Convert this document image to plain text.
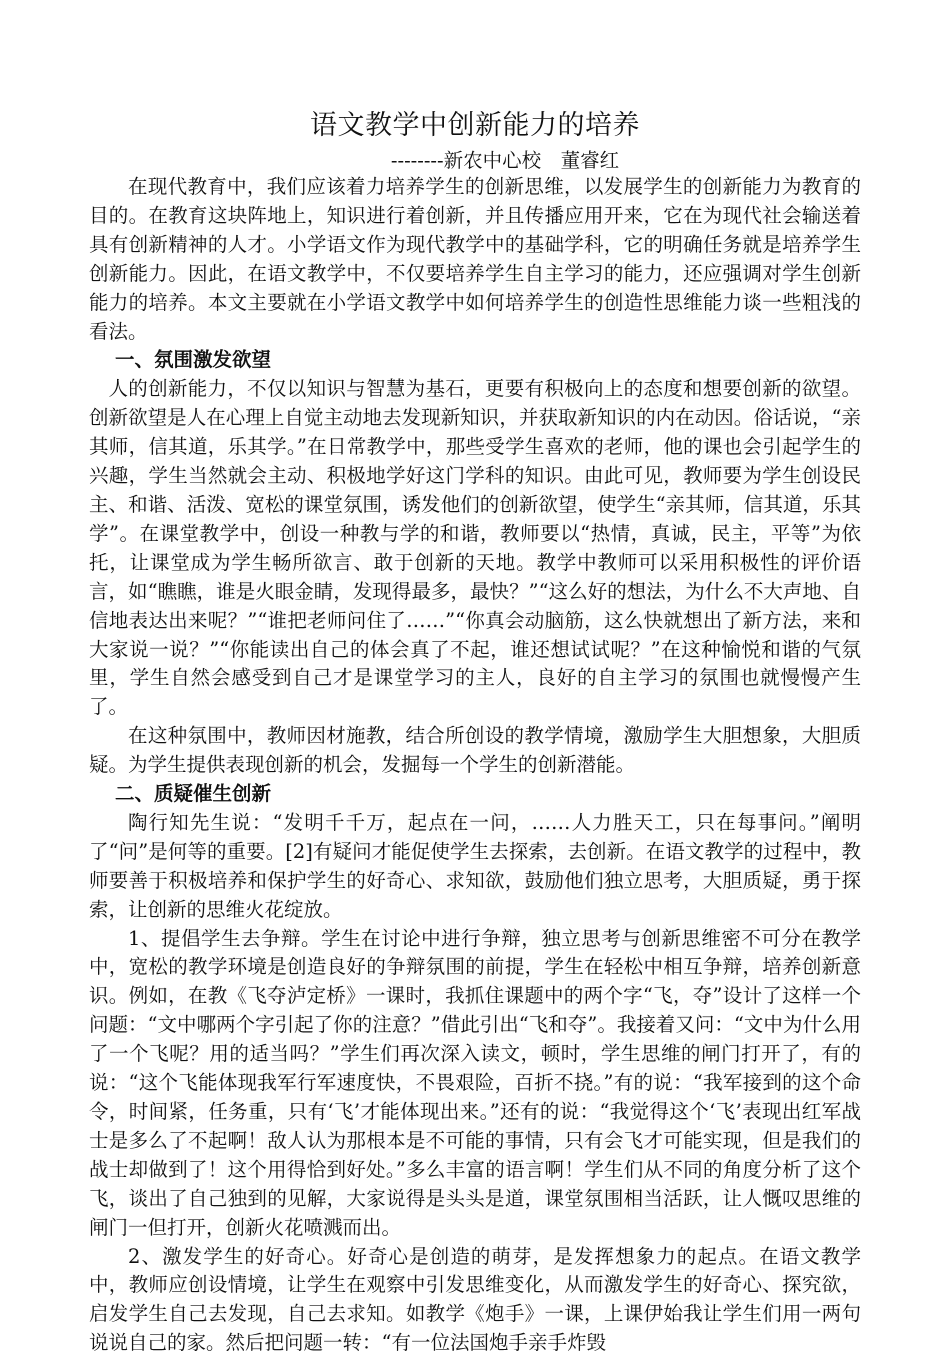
语文教学中创新能力的培养
--------新农中心校　董睿红

在现代教育中，我们应该着力培养学生的创新思维，以发展学生的创新能力为教育的目的。在教育这块阵地上，知识进行着创新，并且传播应用开来，它在为现代社会输送着具有创新精神的人才。小学语文作为现代教学中的基础学科，它的明确任务就是培养学生创新能力。因此，在语文教学中，不仅要培养学生自主学习的能力，还应强调对学生创新能力的培养。本文主要就在小学语文教学中如何培养学生的创造性思维能力谈一些粗浅的看法。

一、氛围激发欲望

人的创新能力，不仅以知识与智慧为基石，更要有积极向上的态度和想要创新的欲望。创新欲望是人在心理上自觉主动地去发现新知识，并获取新知识的内在动因。俗话说，“亲其师，信其道，乐其学。”在日常教学中，那些受学生喜欢的老师，他的课也会引起学生的兴趣，学生当然就会主动、积极地学好这门学科的知识。由此可见，教师要为学生创设民主、和谐、活泼、宽松的课堂氛围，诱发他们的创新欲望，使学生“亲其师，信其道，乐其学”。在课堂教学中，创设一种教与学的和谐，教师要以“热情，真诚，民主，平等”为依托，让课堂成为学生畅所欲言、敢于创新的天地。教学中教师可以采用积极性的评价语言，如“瞧瞧，谁是火眼金睛，发现得最多，最快？”“这么好的想法，为什么不大声地、自信地表达出来呢？”“谁把老师问住了……”“你真会动脑筋，这么快就想出了新方法，来和大家说一说？”“你能读出自己的体会真了不起，谁还想试试呢？”在这种愉悦和谐的气氛里，学生自然会感受到自己才是课堂学习的主人，良好的自主学习的氛围也就慢慢产生了。

在这种氛围中，教师因材施教，结合所创设的教学情境，激励学生大胆想象，大胆质疑。为学生提供表现创新的机会，发掘每一个学生的创新潜能。

二、质疑催生创新

陶行知先生说：“发明千千万，起点在一问，……人力胜天工，只在每事问。”阐明了“问”是何等的重要。[2]有疑问才能促使学生去探索，去创新。在语文教学的过程中，教师要善于积极培养和保护学生的好奇心、求知欲，鼓励他们独立思考，大胆质疑，勇于探索，让创新的思维火花绽放。

1、提倡学生去争辩。学生在讨论中进行争辩，独立思考与创新思维密不可分在教学中，宽松的教学环境是创造良好的争辩氛围的前提，学生在轻松中相互争辩，培养创新意识。例如，在教《飞夺泸定桥》一课时，我抓住课题中的两个字“飞，夺”设计了这样一个问题：“文中哪两个字引起了你的注意？”借此引出“飞和夺”。我接着又问：“文中为什么用了一个飞呢？用的适当吗？”学生们再次深入读文，顿时，学生思维的闸门打开了，有的说：“这个飞能体现我军行军速度快，不畏艰险，百折不挠。”有的说：“我军接到的这个命令，时间紧，任务重，只有‘飞’才能体现出来。”还有的说：“我觉得这个‘飞’表现出红军战士是多么了不起啊！敌人认为那根本是不可能的事情，只有会飞才可能实现，但是我们的战士却做到了！这个用得恰到好处。”多么丰富的语言啊！学生们从不同的角度分析了这个飞，谈出了自己独到的见解，大家说得是头头是道，课堂氛围相当活跃，让人慨叹思维的闸门一但打开，创新火花喷溅而出。

2、激发学生的好奇心。好奇心是创造的萌芽，是发挥想象力的起点。在语文教学中，教师应创设情境，让学生在观察中引发思维变化，从而激发学生的好奇心、探究欲，启发学生自己去发现，自己去求知。如教学《炮手》一课，上课伊始我让学生们用一两句说说自己的家。然后把问题一转：“有一位法国炮手亲手炸毁
